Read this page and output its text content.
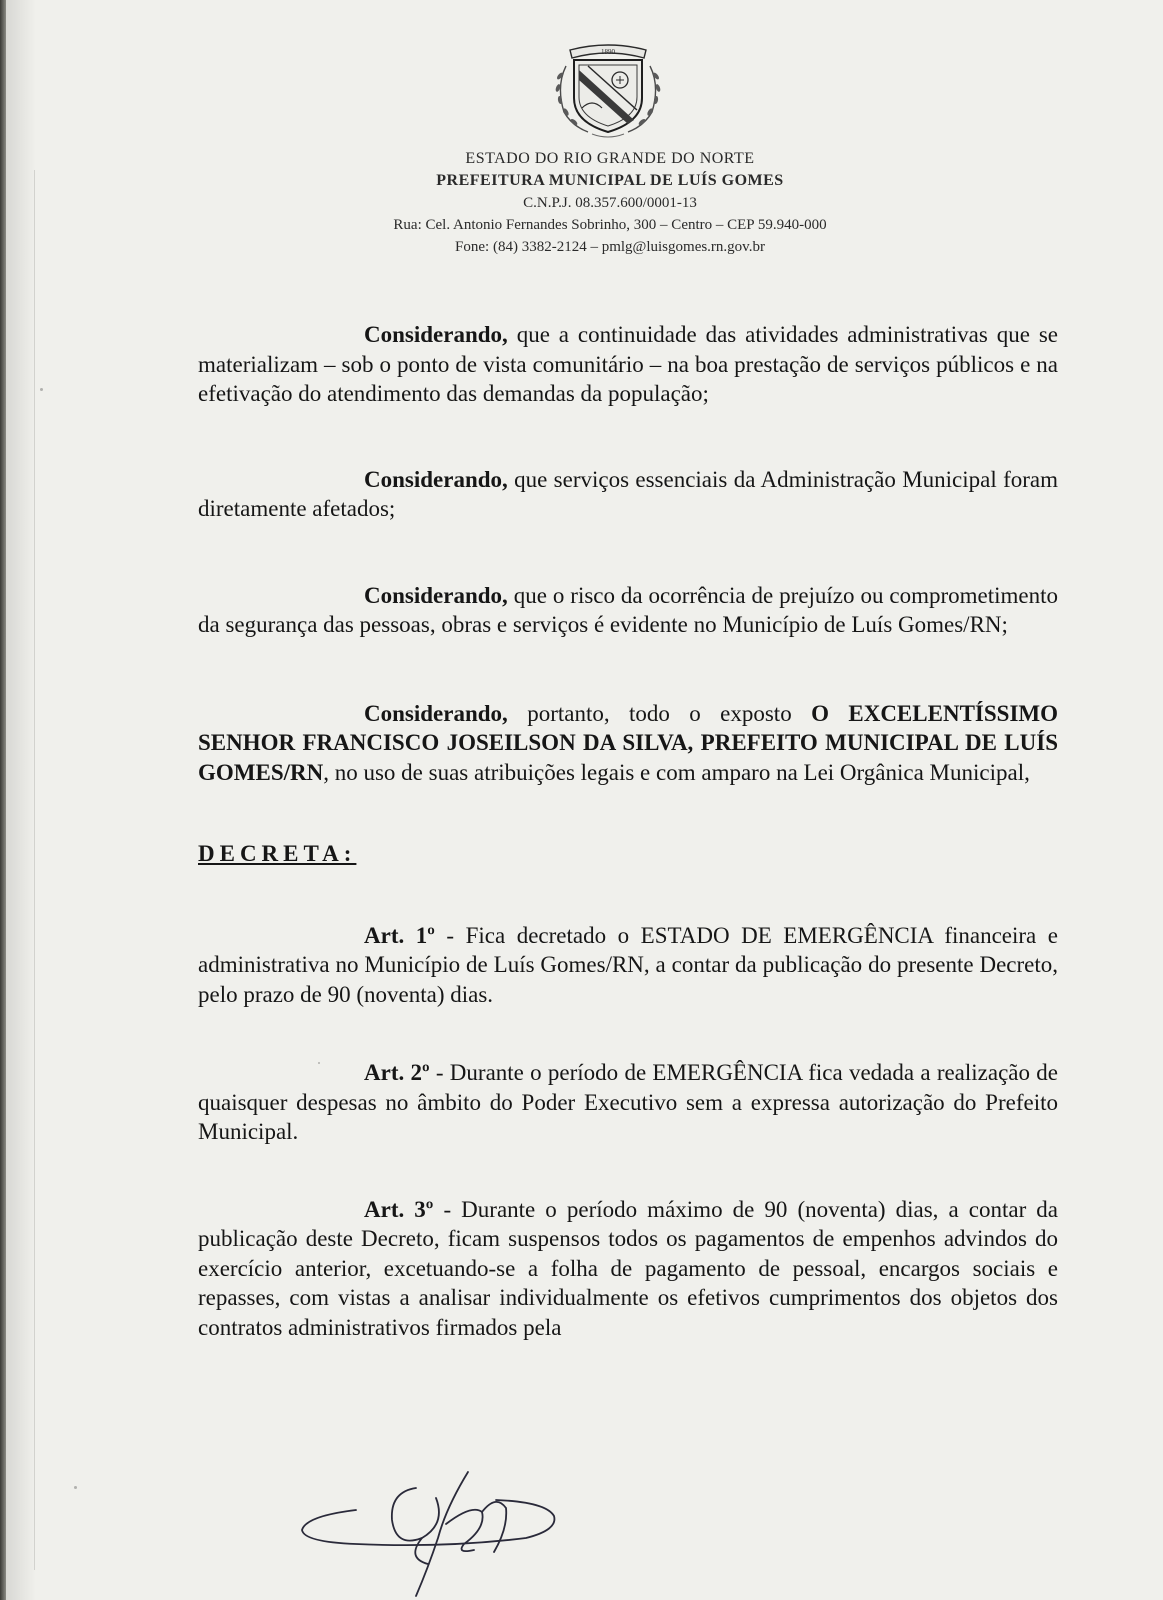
1890
ESTADO DO RIO GRANDE DO NORTE
PREFEITURA MUNICIPAL DE LUÍS GOMES
C.N.P.J. 08.357.600/0001-13
Rua: Cel. Antonio Fernandes Sobrinho, 300 – Centro – CEP 59.940-000
Fone: (84) 3382-2124 – pmlg@luisgomes.rn.gov.br

Considerando, que a continuidade das atividades administrativas que se materializam – sob o ponto de vista comunitário – na boa prestação de serviços públicos e na efetivação do atendimento das demandas da população;

Considerando, que serviços essenciais da Administração Municipal foram diretamente afetados;

Considerando, que o risco da ocorrência de prejuízo ou comprometimento da segurança das pessoas, obras e serviços é evidente no Município de Luís Gomes/RN;

Considerando, portanto, todo o exposto O EXCELENTÍSSIMO SENHOR FRANCISCO JOSEILSON DA SILVA, PREFEITO MUNICIPAL DE LUÍS GOMES/RN, no uso de suas atribuições legais e com amparo na Lei Orgânica Municipal,

DECRETA:

Art. 1º - Fica decretado o ESTADO DE EMERGÊNCIA financeira e administrativa no Município de Luís Gomes/RN, a contar da publicação do presente Decreto, pelo prazo de 90 (noventa) dias.

Art. 2º - Durante o período de EMERGÊNCIA fica vedada a realização de quaisquer despesas no âmbito do Poder Executivo sem a expressa autorização do Prefeito Municipal.

Art. 3º - Durante o período máximo de 90 (noventa) dias, a contar da publicação deste Decreto, ficam suspensos todos os pagamentos de empenhos advindos do exercício anterior, excetuando-se a folha de pagamento de pessoal, encargos sociais e repasses, com vistas a analisar individualmente os efetivos cumprimentos dos objetos dos contratos administrativos firmados pela
